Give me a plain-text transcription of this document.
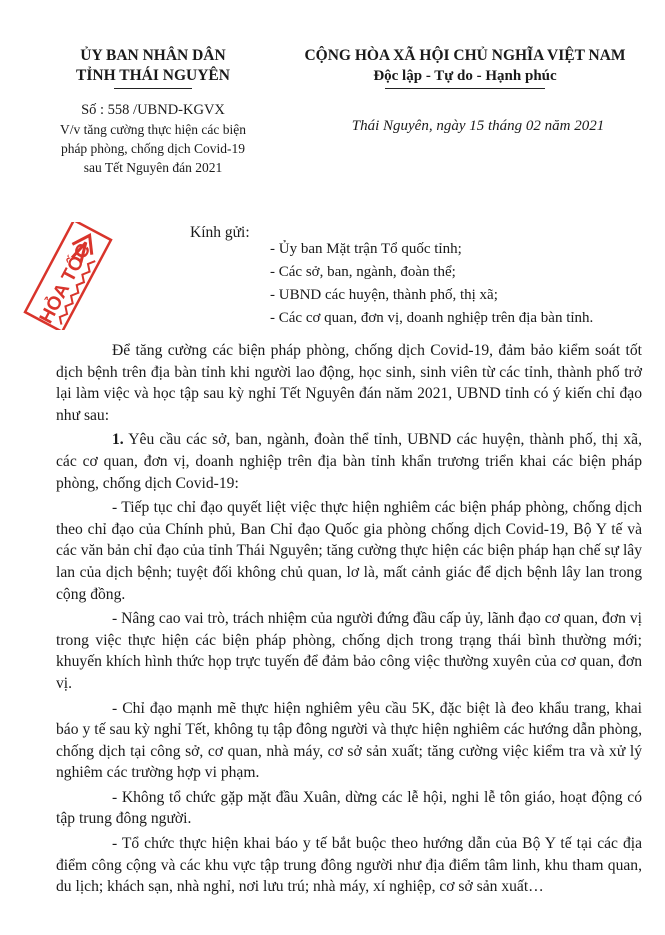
ỦY BAN NHÂN DÂN
TỈNH THÁI NGUYÊN
Số : 558 /UBND-KGVX
V/v tăng cường thực hiện các biện
pháp phòng, chống dịch Covid-19
sau Tết Nguyên đán 2021
CỘNG HÒA XÃ HỘI CHỦ NGHĨA VIỆT NAM
Độc lập - Tự do - Hạnh phúc
Thái Nguyên, ngày 15 tháng 02 năm 2021
HỎA TỐC
Kính gửi:
- Ủy ban Mặt trận Tổ quốc tỉnh;
- Các sở, ban, ngành, đoàn thể;
- UBND các huyện, thành phố, thị xã;
- Các cơ quan, đơn vị, doanh nghiệp trên địa bàn tỉnh.

Để tăng cường các biện pháp phòng, chống dịch Covid-19, đảm bảo kiểm soát tốt dịch bệnh trên địa bàn tỉnh khi người lao động, học sinh, sinh viên từ các tỉnh, thành phố trở lại làm việc và học tập sau kỳ nghỉ Tết Nguyên đán năm 2021, UBND tỉnh có ý kiến chỉ đạo như sau:

1. Yêu cầu các sở, ban, ngành, đoàn thể tỉnh, UBND các huyện, thành phố, thị xã, các cơ quan, đơn vị, doanh nghiệp trên địa bàn tỉnh khẩn trương triển khai các biện pháp phòng, chống dịch Covid-19:

- Tiếp tục chỉ đạo quyết liệt việc thực hiện nghiêm các biện pháp phòng, chống dịch theo chỉ đạo của Chính phủ, Ban Chỉ đạo Quốc gia phòng chống dịch Covid-19, Bộ Y tế và các văn bản chỉ đạo của tỉnh Thái Nguyên; tăng cường thực hiện các biện pháp hạn chế sự lây lan của dịch bệnh; tuyệt đối không chủ quan, lơ là, mất cảnh giác để dịch bệnh lây lan trong cộng đồng.

- Nâng cao vai trò, trách nhiệm của người đứng đầu cấp ủy, lãnh đạo cơ quan, đơn vị trong việc thực hiện các biện pháp phòng, chống dịch trong trạng thái bình thường mới; khuyến khích hình thức họp trực tuyến để đảm bảo công việc thường xuyên của cơ quan, đơn vị.

- Chỉ đạo mạnh mẽ thực hiện nghiêm yêu cầu 5K, đặc biệt là đeo khẩu trang, khai báo y tế sau kỳ nghỉ Tết, không tụ tập đông người và thực hiện nghiêm các hướng dẫn phòng, chống dịch tại công sở, cơ quan, nhà máy, cơ sở sản xuất; tăng cường việc kiểm tra và xử lý nghiêm các trường hợp vi phạm.

- Không tổ chức gặp mặt đầu Xuân, dừng các lễ hội, nghi lễ tôn giáo, hoạt động có tập trung đông người.

- Tổ chức thực hiện khai báo y tế bắt buộc theo hướng dẫn của Bộ Y tế tại các địa điểm công cộng và các khu vực tập trung đông người như địa điểm tâm linh, khu tham quan, du lịch; khách sạn, nhà nghỉ, nơi lưu trú; nhà máy, xí nghiệp, cơ sở sản xuất…
